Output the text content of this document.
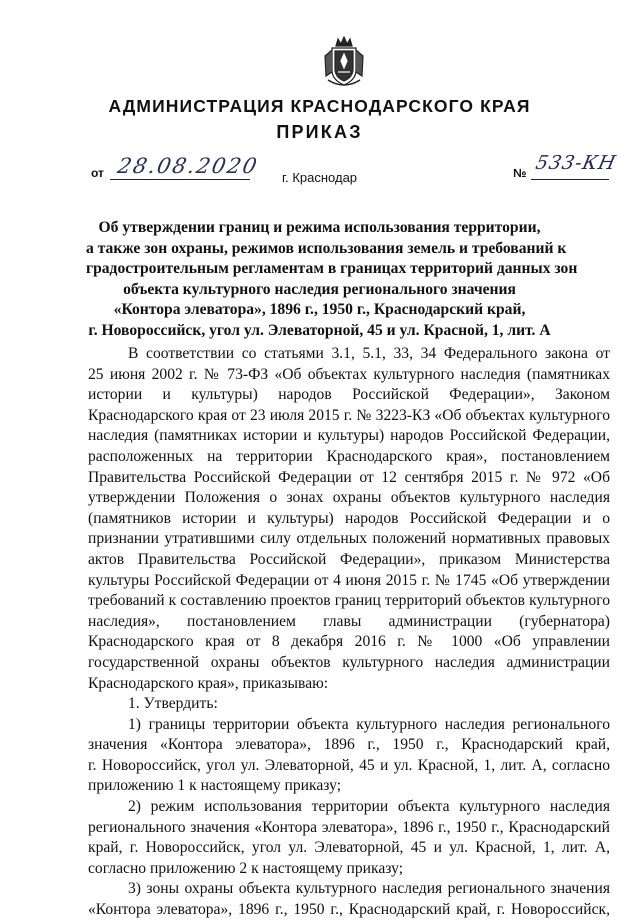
АДМИНИСТРАЦИЯ КРАСНОДАРСКОГО КРАЯ
ПРИКАЗ
от 28.08.2020	№ 533-КН
г. Краснодар
Об утверждении границ и режима использования территории,
а также зон охраны, режимов использования земель и требований к
градостроительным регламентам в границах территорий данных зон
объекта культурного наследия регионального значения
«Контора элеватора», 1896 г., 1950 г., Краснодарский край,
г. Новороссийск, угол ул. Элеваторной, 45 и ул. Красной, 1, лит. А
В соответствии со статьями 3.1, 5.1, 33, 34 Федерального закона от
25 июня 2002 г. № 73-ФЗ «Об объектах культурного наследия (памятниках
истории и культуры) народов Российской Федерации», Законом
Краснодарского края от 23 июля 2015 г. № 3223-КЗ «Об объектах культурного
наследия (памятниках истории и культуры) народов Российской Федерации,
расположенных на территории Краснодарского края», постановлением
Правительства Российской Федерации от 12 сентября 2015 г. № 972 «Об
утверждении Положения о зонах охраны объектов культурного наследия
(памятников истории и культуры) народов Российской Федерации и о
признании утратившими силу отдельных положений нормативных правовых
актов Правительства Российской Федерации», приказом Министерства
культуры Российской Федерации от 4 июня 2015 г. № 1745 «Об утверждении
требований к составлению проектов границ территорий объектов культурного
наследия», постановлением главы администрации (губернатора)
Краснодарского края от 8 декабря 2016 г. № 1000 «Об управлении
государственной охраны объектов культурного наследия администрации
Краснодарского края», приказываю:
1. Утвердить:
1) границы территории объекта культурного наследия регионального
значения «Контора элеватора», 1896 г., 1950 г., Краснодарский край,
г. Новороссийск, угол ул. Элеваторной, 45 и ул. Красной, 1, лит. А, согласно
приложению 1 к настоящему приказу;
2) режим использования территории объекта культурного наследия
регионального значения «Контора элеватора», 1896 г., 1950 г., Краснодарский
край, г. Новороссийск, угол ул. Элеваторной, 45 и ул. Красной, 1, лит. А,
согласно приложению 2 к настоящему приказу;
3) зоны охраны объекта культурного наследия регионального значения
«Контора элеватора», 1896 г., 1950 г., Краснодарский край, г. Новороссийск,
